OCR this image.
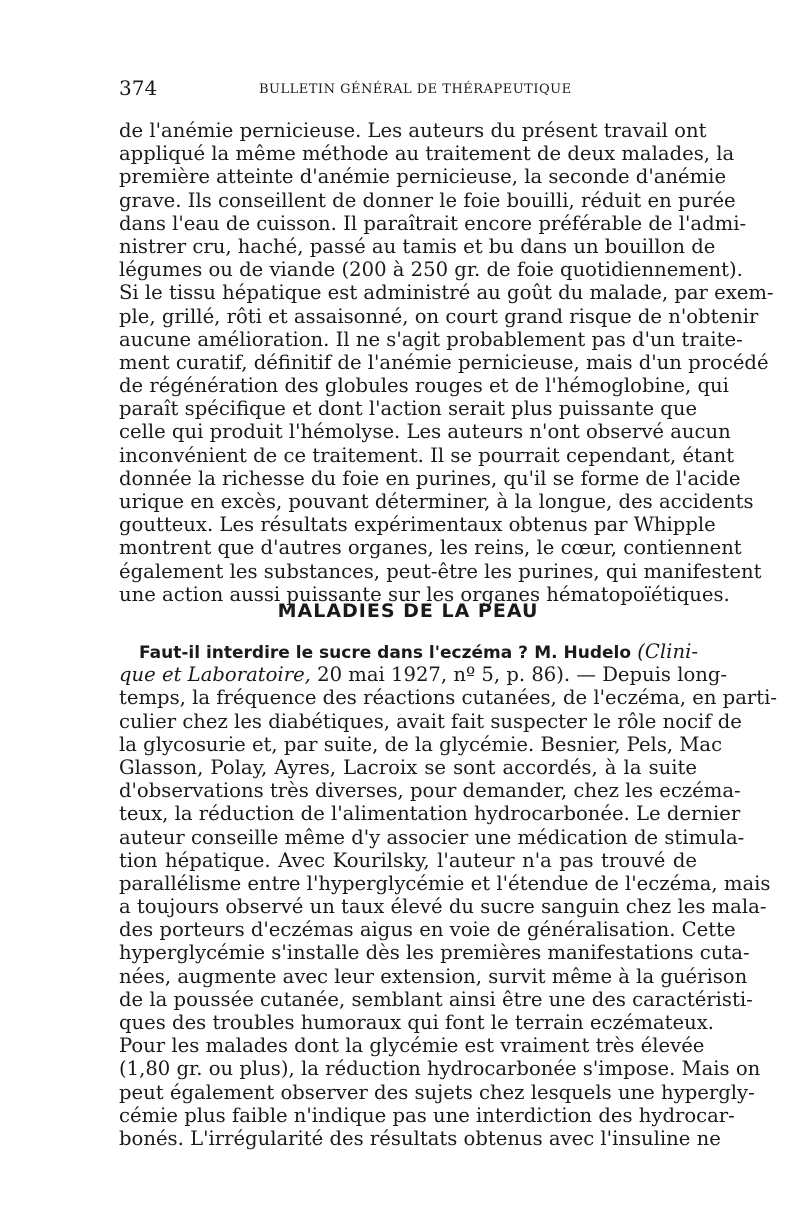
374	BULLETIN GÉNÉRAL DE THÉRAPEUTIQUE
de l'anémie pernicieuse. Les auteurs du présent travail ont
appliqué la même méthode au traitement de deux malades, la
première atteinte d'anémie pernicieuse, la seconde d'anémie
grave. Ils conseillent de donner le foie bouilli, réduit en purée
dans l'eau de cuisson. Il paraîtrait encore préférable de l'admi-
nistrer cru, haché, passé au tamis et bu dans un bouillon de
légumes ou de viande (200 à 250 gr. de foie quotidiennement).
Si le tissu hépatique est administré au goût du malade, par exem-
ple, grillé, rôti et assaisonné, on court grand risque de n'obtenir
aucune amélioration. Il ne s'agit probablement pas d'un traite-
ment curatif, définitif de l'anémie pernicieuse, mais d'un procédé
de régénération des globules rouges et de l'hémoglobine, qui
paraît spécifique et dont l'action serait plus puissante que
celle qui produit l'hémolyse. Les auteurs n'ont observé aucun
inconvénient de ce traitement. Il se pourrait cependant, étant
donnée la richesse du foie en purines, qu'il se forme de l'acide
urique en excès, pouvant déterminer, à la longue, des accidents
goutteux. Les résultats expérimentaux obtenus par Whipple
montrent que d'autres organes, les reins, le cœur, contiennent
également les substances, peut-être les purines, qui manifestent
une action aussi puissante sur les organes hématopoïétiques.
MALADIES DE LA PEAU
Faut-il interdire le sucre dans l'eczéma ? M. Hudelo (Clini-
que et Laboratoire, 20 mai 1927, nº 5, p. 86). — Depuis long-
temps, la fréquence des réactions cutanées, de l'eczéma, en parti-
culier chez les diabétiques, avait fait suspecter le rôle nocif de
la glycosurie et, par suite, de la glycémie. Besnier, Pels, Mac
Glasson, Polay, Ayres, Lacroix se sont accordés, à la suite
d'observations très diverses, pour demander, chez les eczéma-
teux, la réduction de l'alimentation hydrocarbonée. Le dernier
auteur conseille même d'y associer une médication de stimula-
tion hépatique. Avec Kourilsky, l'auteur n'a pas trouvé de
parallélisme entre l'hyperglycémie et l'étendue de l'eczéma, mais
a toujours observé un taux élevé du sucre sanguin chez les mala-
des porteurs d'eczémas aigus en voie de généralisation. Cette
hyperglycémie s'installe dès les premières manifestations cuta-
nées, augmente avec leur extension, survit même à la guérison
de la poussée cutanée, semblant ainsi être une des caractéristi-
ques des troubles humoraux qui font le terrain eczémateux.
Pour les malades dont la glycémie est vraiment très élevée
(1,80 gr. ou plus), la réduction hydrocarbonée s'impose. Mais on
peut également observer des sujets chez lesquels une hypergly-
cémie plus faible n'indique pas une interdiction des hydrocar-
bonés. L'irrégularité des résultats obtenus avec l'insuline ne
